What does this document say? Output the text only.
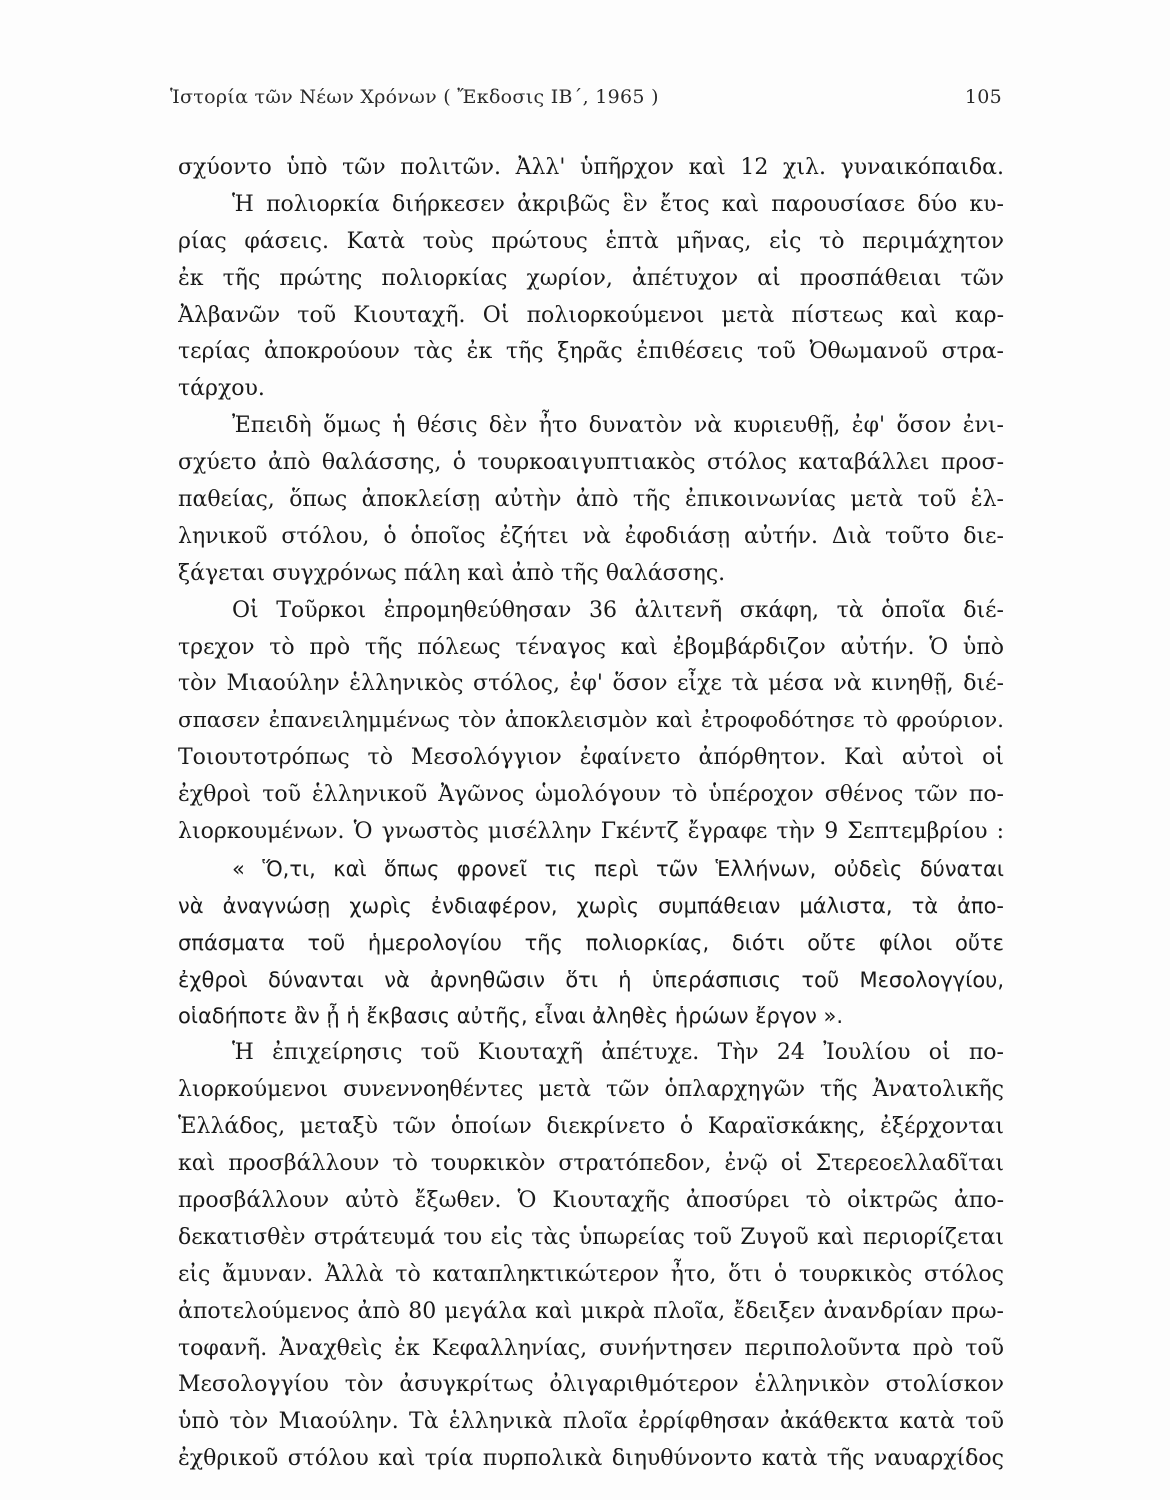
Ἱστορία τῶν Νέων Χρόνων ( Ἔκδοσις ΙΒ΄, 1965 )	105
σχύοντο ὑπὸ τῶν πολιτῶν. Ἀλλ' ὑπῆρχον καὶ 12 χιλ. γυναικόπαιδα.
Ἡ πολιορκία διήρκεσεν ἀκριβῶς ἓν ἔτος καὶ παρουσίασε δύο κυ-
ρίας φάσεις. Κατὰ τοὺς πρώτους ἑπτὰ μῆνας, εἰς τὸ περιμάχητον
ἐκ τῆς πρώτης πολιορκίας χωρίον, ἀπέτυχον αἱ προσπάθειαι τῶν
Ἀλβανῶν τοῦ Κιουταχῆ. Οἱ πολιορκούμενοι μετὰ πίστεως καὶ καρ-
τερίας ἀποκρούουν τὰς ἐκ τῆς ξηρᾶς ἐπιθέσεις τοῦ Ὀθωμανοῦ στρα-
τάρχου.
Ἐπειδὴ ὅμως ἡ θέσις δὲν ἦτο δυνατὸν νὰ κυριευθῇ, ἐφ' ὅσον ἐνι-
σχύετο ἀπὸ θαλάσσης, ὁ τουρκοαιγυπτιακὸς στόλος καταβάλλει προσ-
παθείας, ὅπως ἀποκλείσῃ αὐτὴν ἀπὸ τῆς ἐπικοινωνίας μετὰ τοῦ ἑλ-
ληνικοῦ στόλου, ὁ ὁποῖος ἐζήτει νὰ ἐφοδιάσῃ αὐτήν. Διὰ τοῦτο διε-
ξάγεται συγχρόνως πάλη καὶ ἀπὸ τῆς θαλάσσης.
Οἱ Τοῦρκοι ἐπρομηθεύθησαν 36 ἀλιτενῆ σκάφη, τὰ ὁποῖα διέ-
τρεχον τὸ πρὸ τῆς πόλεως τέναγος καὶ ἐβομβάρδιζον αὐτήν. Ὁ ὑπὸ
τὸν Μιαούλην ἑλληνικὸς στόλος, ἐφ' ὅσον εἶχε τὰ μέσα νὰ κινηθῇ, διέ-
σπασεν ἐπανειλημμένως τὸν ἀποκλεισμὸν καὶ ἐτροφοδότησε τὸ φρούριον.
Τοιουτοτρόπως τὸ Μεσολόγγιον ἐφαίνετο ἀπόρθητον. Καὶ αὐτοὶ οἱ
ἐχθροὶ τοῦ ἑλληνικοῦ Ἀγῶνος ὡμολόγουν τὸ ὑπέροχον σθένος τῶν πο-
λιορκουμένων. Ὁ γνωστὸς μισέλλην Γκέντζ ἔγραφε τὴν 9 Σεπτεμβρίου :
« Ὅ,τι, καὶ ὅπως φρονεῖ τις περὶ τῶν Ἑλλήνων, οὐδεὶς δύναται
νὰ ἀναγνώσῃ χωρὶς ἐνδιαφέρον, χωρὶς συμπάθειαν μάλιστα, τὰ ἀπο-
σπάσματα τοῦ ἡμερολογίου τῆς πολιορκίας, διότι οὔτε φίλοι οὔτε
ἐχθροὶ δύνανται νὰ ἀρνηθῶσιν ὅτι ἡ ὑπεράσπισις τοῦ Μεσολογγίου,
οἱαδήποτε ἂν ᾖ ἡ ἔκβασις αὐτῆς, εἶναι ἀληθὲς ἡρώων ἔργον ».
Ἡ ἐπιχείρησις τοῦ Κιουταχῆ ἀπέτυχε. Τὴν 24 Ἰουλίου οἱ πο-
λιορκούμενοι συνεννοηθέντες μετὰ τῶν ὁπλαρχηγῶν τῆς Ἀνατολικῆς
Ἑλλάδος, μεταξὺ τῶν ὁποίων διεκρίνετο ὁ Καραϊσκάκης, ἐξέρχονται
καὶ προσβάλλουν τὸ τουρκικὸν στρατόπεδον, ἐνῷ οἱ Στερεοελλαδῖται
προσβάλλουν αὐτὸ ἔξωθεν. Ὁ Κιουταχῆς ἀποσύρει τὸ οἰκτρῶς ἀπο-
δεκατισθὲν στράτευμά του εἰς τὰς ὑπωρείας τοῦ Ζυγοῦ καὶ περιορίζεται
εἰς ἄμυναν. Ἀλλὰ τὸ καταπληκτικώτερον ἦτο, ὅτι ὁ τουρκικὸς στόλος
ἀποτελούμενος ἀπὸ 80 μεγάλα καὶ μικρὰ πλοῖα, ἔδειξεν ἀνανδρίαν πρω-
τοφανῆ. Ἀναχθεὶς ἐκ Κεφαλληνίας, συνήντησεν περιπολοῦντα πρὸ τοῦ
Μεσολογγίου τὸν ἀσυγκρίτως ὀλιγαριθμότερον ἑλληνικὸν στολίσκον
ὑπὸ τὸν Μιαούλην. Τὰ ἑλληνικὰ πλοῖα ἐρρίφθησαν ἀκάθεκτα κατὰ τοῦ
ἐχθρικοῦ στόλου καὶ τρία πυρπολικὰ διηυθύνοντο κατὰ τῆς ναυαρχίδος
